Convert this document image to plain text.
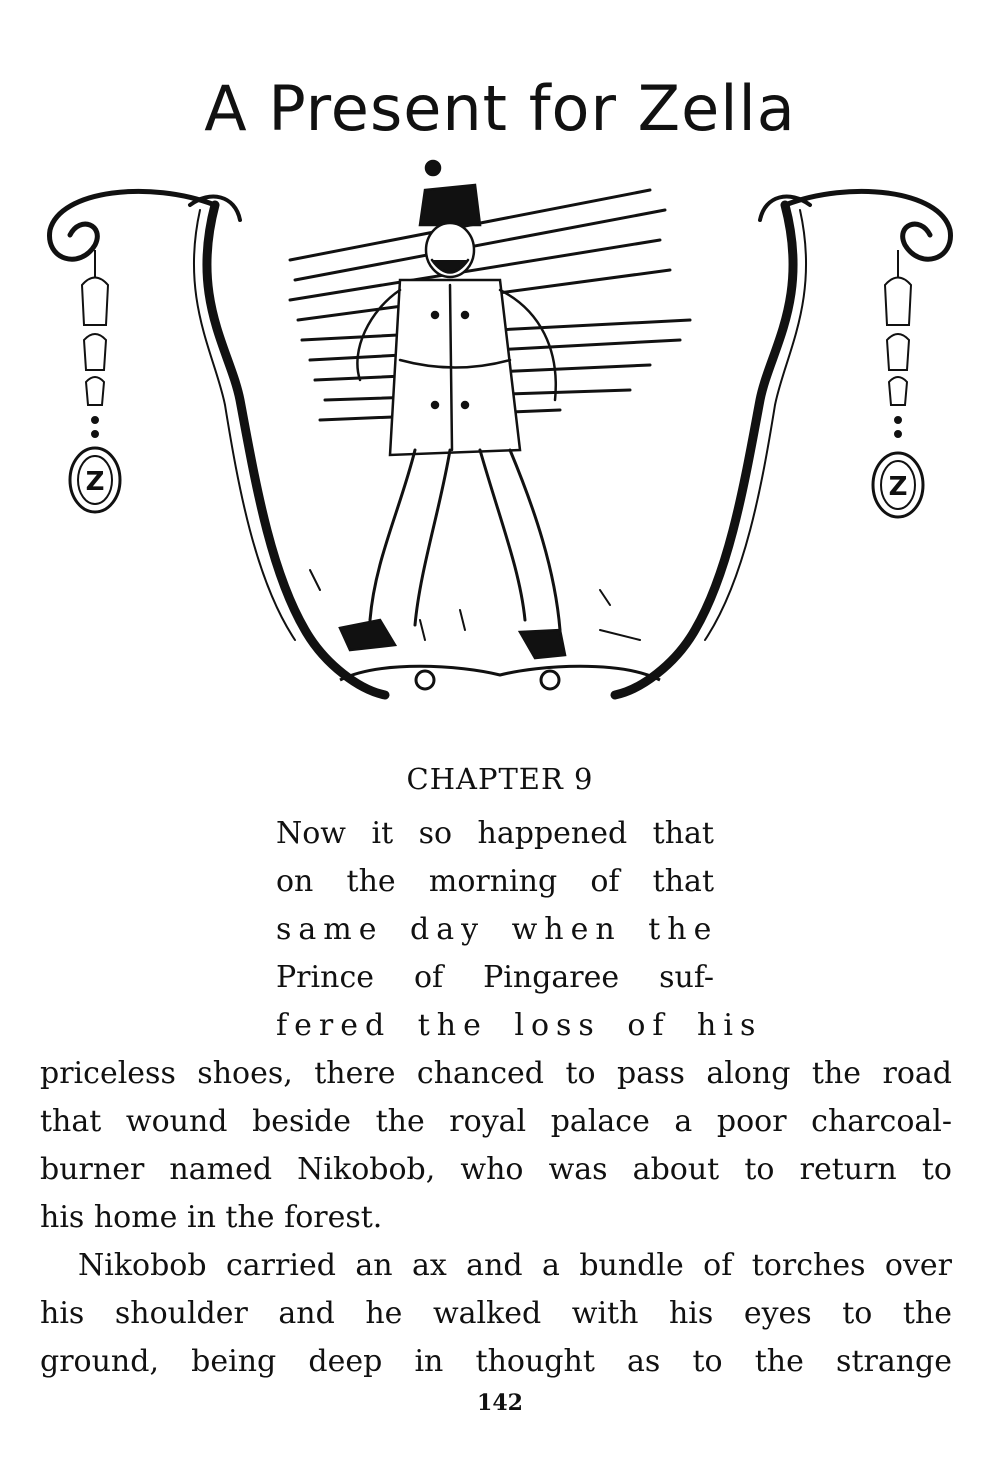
A Present for Zella
Z	Z
CHAPTER 9
Now it so happened that
on the morning of that
same day when the
Prince of Pingaree suf-
fered the loss of his
priceless shoes, there chanced to pass along the road
that wound beside the royal palace a poor charcoal-
burner named Nikobob, who was about to return to
his home in the forest.
Nikobob carried an ax and a bundle of torches over
his shoulder and he walked with his eyes to the
ground, being deep in thought as to the strange
142
